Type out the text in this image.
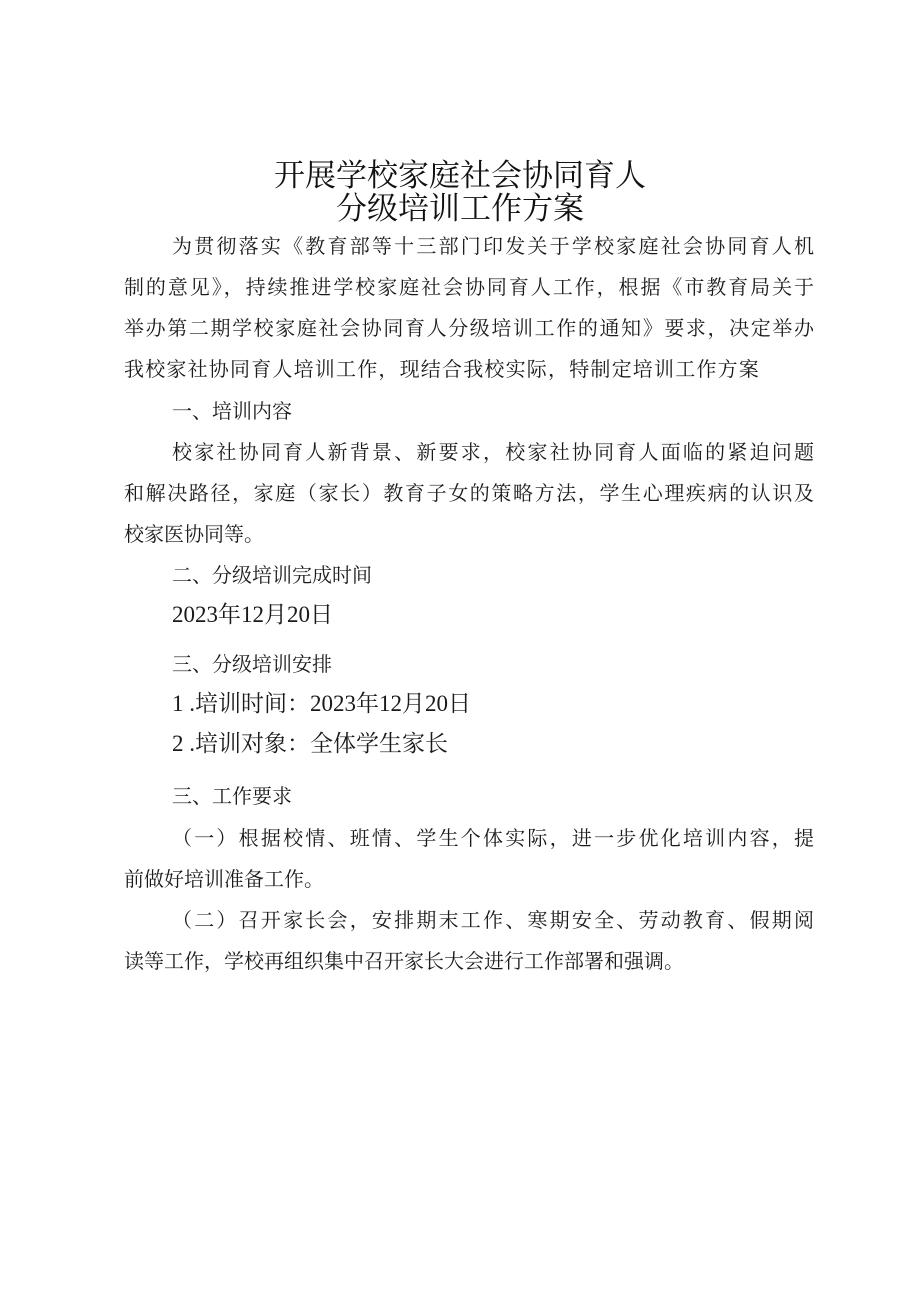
开展学校家庭社会协同育人
分级培训工作方案
为贯彻落实《教育部等十三部门印发关于学校家庭社会协同育人机
制的意见》，持续推进学校家庭社会协同育人工作，根据《市教育局关于
举办第二期学校家庭社会协同育人分级培训工作的通知》要求，决定举办
我校家社协同育人培训工作，现结合我校实际，特制定培训工作方案
一、培训内容
校家社协同育人新背景、新要求，校家社协同育人面临的紧迫问题
和解决路径，家庭（家长）教育子女的策略方法，学生心理疾病的认识及
校家医协同等。
二、分级培训完成时间
2023年12月20日
三、分级培训安排
1 .培训时间：2023年12月20日
2 .培训对象：全体学生家长
三、工作要求
（一）根据校情、班情、学生个体实际，进一步优化培训内容，提
前做好培训准备工作。
（二）召开家长会，安排期末工作、寒期安全、劳动教育、假期阅
读等工作，学校再组织集中召开家长大会进行工作部署和强调。
